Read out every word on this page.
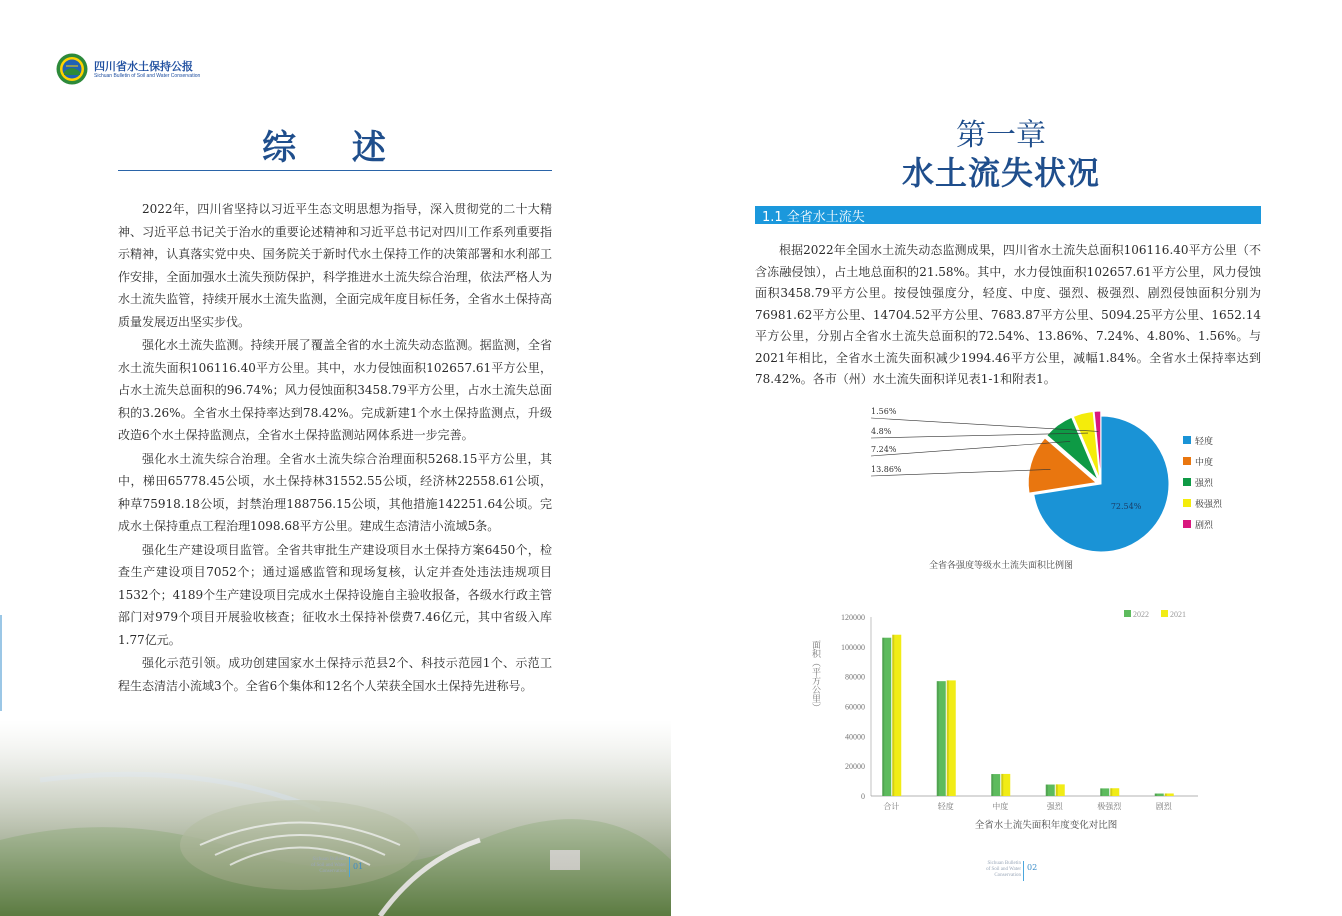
四川省水土保持公报
Sichuan Bulletin of Soil and Water Conservation
综 述

2022年，四川省坚持以习近平生态文明思想为指导，深入贯彻党的二十大精神、习近平总书记关于治水的重要论述精神和习近平总书记对四川工作系列重要指示精神，认真落实党中央、国务院关于新时代水土保持工作的决策部署和水利部工作安排，全面加强水土流失预防保护，科学推进水土流失综合治理，依法严格人为水土流失监管，持续开展水土流失监测，全面完成年度目标任务，全省水土保持高质量发展迈出坚实步伐。

强化水土流失监测。持续开展了覆盖全省的水土流失动态监测。据监测，全省水土流失面积106116.40平方公里。其中，水力侵蚀面积102657.61平方公里，占水土流失总面积的96.74%；风力侵蚀面积3458.79平方公里，占水土流失总面积的3.26%。全省水土保持率达到78.42%。完成新建1个水土保持监测点，升级改造6个水土保持监测点，全省水土保持监测站网体系进一步完善。

强化水土流失综合治理。全省水土流失综合治理面积5268.15平方公里，其中，梯田65778.45公顷，水土保持林31552.55公顷，经济林22558.61公顷，种草75918.18公顷，封禁治理188756.15公顷，其他措施142251.64公顷。完成水土保持重点工程治理1098.68平方公里。建成生态清洁小流域5条。

强化生产建设项目监管。全省共审批生产建设项目水土保持方案6450个，检查生产建设项目7052个；通过遥感监管和现场复核，认定并查处违法违规项目1532个；4189个生产建设项目完成水土保持设施自主验收报备，各级水行政主管部门对979个项目开展验收核查；征收水土保持补偿费7.46亿元，其中省级入库1.77亿元。

强化示范引领。成功创建国家水土保持示范县2个、科技示范园1个、示范工程生态清洁小流域3个。全省6个集体和12名个人荣获全国水土保持先进称号。

Sichuan Bulletin
of Soil and Water
Conservation
01
第一章
水土流失状况
1.1 全省水土流失

根据2022年全国水土流失动态监测成果，四川省水土流失总面积106116.40平方公里（不含冻融侵蚀），占土地总面积的21.58%。其中，水力侵蚀面积102657.61平方公里，风力侵蚀面积3458.79平方公里。按侵蚀强度分，轻度、中度、强烈、极强烈、剧烈侵蚀面积分别为76981.62平方公里、14704.52平方公里、7683.87平方公里、5094.25平方公里、1652.14平方公里，分别占全省水土流失总面积的72.54%、13.86%、7.24%、4.80%、1.56%。与2021年相比，全省水土流失面积减少1994.46平方公里，减幅1.84%。全省水土保持率达到78.42%。各市（州）水土流失面积详见表1-1和附表1。

72.54%
13.86%
7.24%
4.8%
1.56%
轻度
中度
强烈
极强烈
剧烈
全省各强度等级水土流失面积比例图
0
20000
40000
60000
80000
100000
120000
面积（平方公里）
合计	轻度	中度	强烈	极强烈	剧烈
2022	2021
全省水土流失面积年度变化对比图
Sichuan Bulletin
of Soil and Water
Conservation
02
